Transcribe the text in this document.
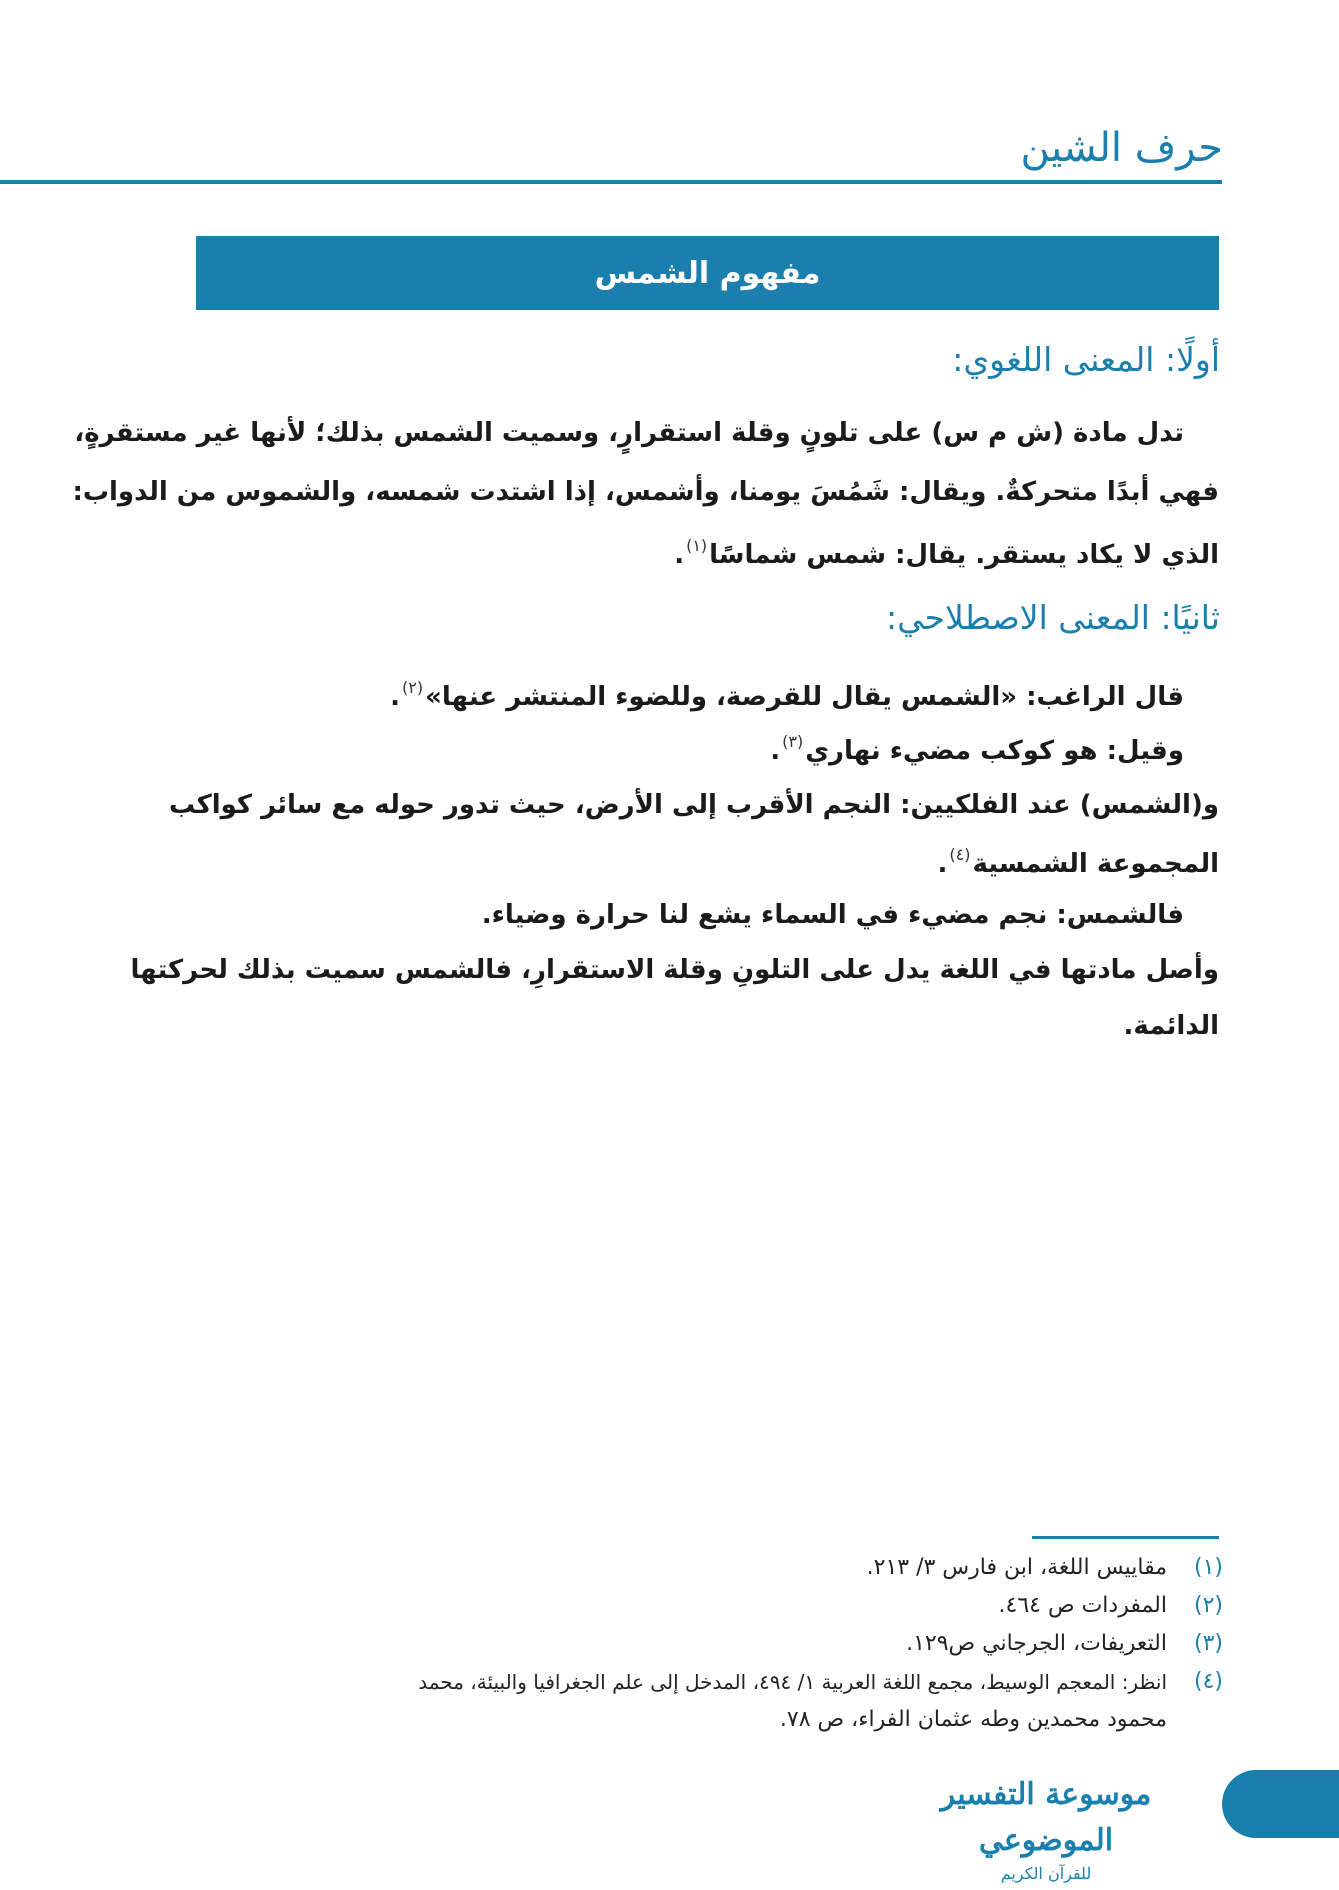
حرف الشين
مفهوم الشمس
أولًا: المعنى اللغوي:
تدل مادة (ش م س) على تلونٍ وقلة استقرارٍ، وسميت الشمس بذلك؛ لأنها غير مستقرةٍ،
فهي أبدًا متحركةٌ. ويقال: شَمُسَ يومنا، وأشمس، إذا اشتدت شمسه، والشموس من الدواب:
الذي لا يكاد يستقر. يقال: شمس شماسًا$^{(١)}$.
ثانيًا: المعنى الاصطلاحي:
قال الراغب: «الشمس يقال للقرصة، وللضوء المنتشر عنها»$^{(٢)}$.
وقيل: هو كوكب مضيء نهاري$^{(٣)}$.
و(الشمس) عند الفلكيين: النجم الأقرب إلى الأرض، حيث تدور حوله مع سائر كواكب
المجموعة الشمسية$^{(٤)}$.
فالشمس: نجم مضيء في السماء يشع لنا حرارة وضياء.
وأصل مادتها في اللغة يدل على التلونِ وقلة الاستقرارِ، فالشمس سميت بذلك لحركتها
الدائمة.
(١)
مقاييس اللغة، ابن فارس ٣/ ٢١٣.
(٢)
المفردات ص ٤٦٤.
(٣)
التعريفات، الجرجاني ص١٢٩.
(٤)
انظر: المعجم الوسيط، مجمع اللغة العربية ١/ ٤٩٤، المدخل إلى علم الجغرافيا والبيئة، محمد
محمود محمدين وطه عثمان الفراء، ص ٧٨.
موسوعة التفسير الموضوعي
للقرآن الكريم
